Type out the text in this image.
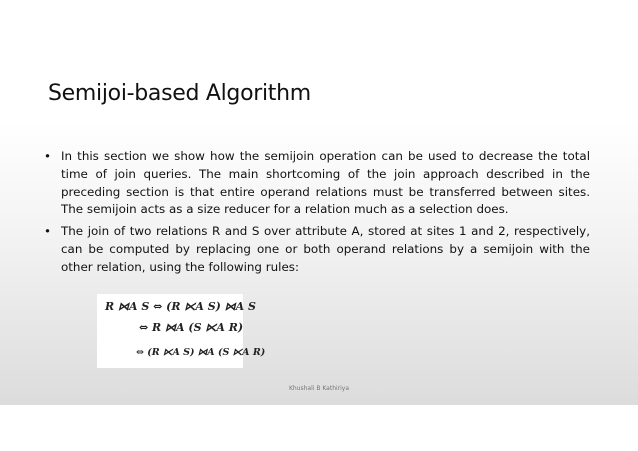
Semijoi-based Algorithm
• In this section we show how the semijoin operation can be used to decrease the total time of join queries. The main shortcoming of the join approach described in the preceding section is that entire operand relations must be transferred between sites. The semijoin acts as a size reducer for a relation much as a selection does.
• The join of two relations R and S over attribute A, stored at sites 1 and 2, respectively, can be computed by replacing one or both operand relations by a semijoin with the other relation, using the following rules:
R ⋈A S ⇔ (R ⋉A S) ⋈A S
⇔ R ⋈A (S ⋉A R)
⇔ (R ⋉A S) ⋈A (S ⋉A R)
Khushali B Kathiriya
